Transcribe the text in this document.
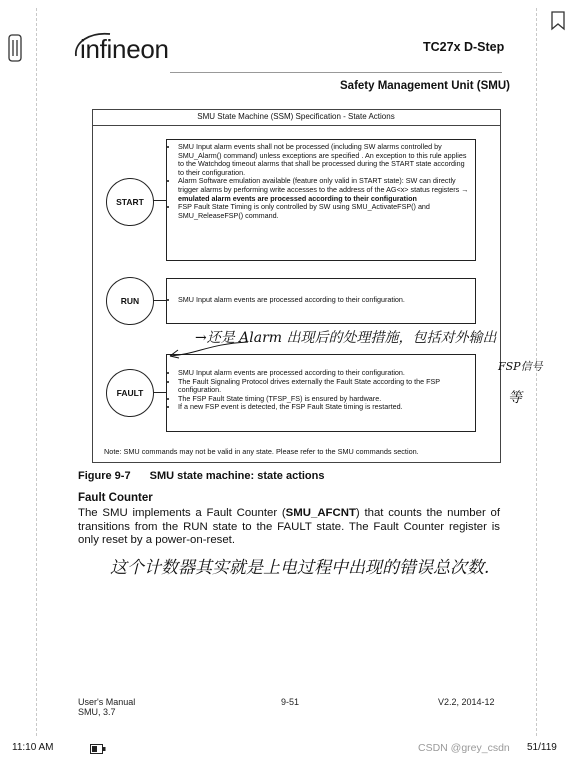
infineon	TC27x D-Step
Safety Management Unit (SMU)
SMU State Machine (SSM) Specification - State Actions
START
• SMU Input alarm events shall not be processed (including SW alarms controlled by SMU_Alarm() command) unless exceptions are specified . An exception to this rule applies to the Watchdog timeout alarms that shall be processed during the START state according to their configuration.
• Alarm Software emulation available (feature only valid in START state): SW can directly trigger alarms by performing write accesses to the address of the AG<x> status registers → emulated alarm events are processed according to their configuration
• FSP Fault State Timing is only controlled by SW using SMU_ActivateFSP() and SMU_ReleaseFSP() command.
RUN
•	SMU Input alarm events are processed according to their configuration.
FAULT
• SMU Input alarm events are processed according to their configuration.
• The Fault Signaling Protocol drives externally the Fault State according to the FSP configuration.
• The FSP Fault State timing (TFSP_FS) is ensured by hardware.
• If a new FSP event is detected, the FSP Fault State timing is restarted.
Note: SMU commands may not be valid in any state. Please refer to the SMU commands section.
→还是 Alarm 出现后的处理措施，包括对外输出
FSP信号
等
Figure 9-7 SMU state machine: state actions
Fault Counter
The SMU implements a Fault Counter (SMU_AFCNT) that counts the number of transitions from the RUN state to the FAULT state. The Fault Counter register is only reset by a power-on-reset.
这个计数器其实就是上电过程中出现的错误总次数.
User's Manual
SMU, 3.7
9-51	V2.2, 2014-12
11:10 AM	CSDN @grey_csdn 51/119
